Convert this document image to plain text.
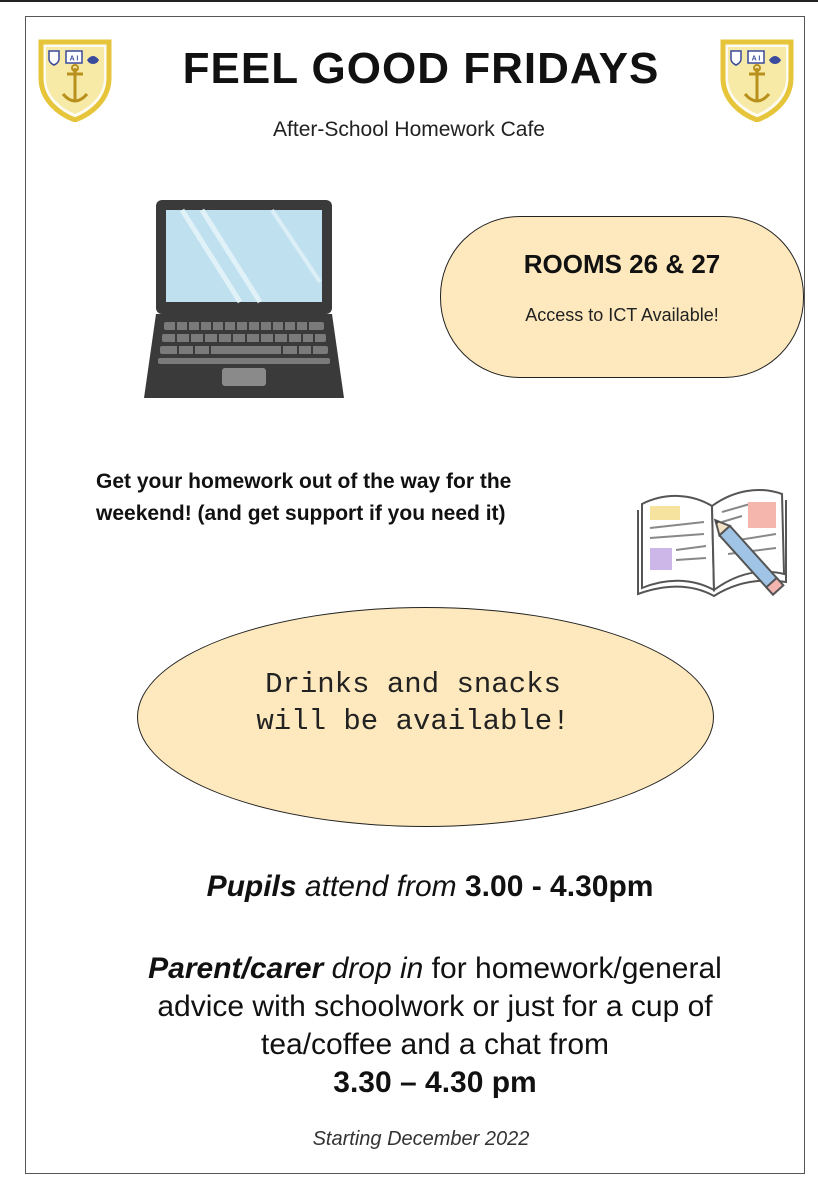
A I	A I
FEEL GOOD FRIDAYS
After-School Homework Cafe
ROOMS 26 & 27
Access to ICT Available!
Get your homework out of the way for the
weekend! (and get support if you need it)
Drinks and snacks
will be available!
Pupils attend from 3.00 - 4.30pm
Parent/carer drop in for homework/general
advice with schoolwork or just for a cup of
tea/coffee and a chat from
3.30 – 4.30 pm
Starting December 2022
